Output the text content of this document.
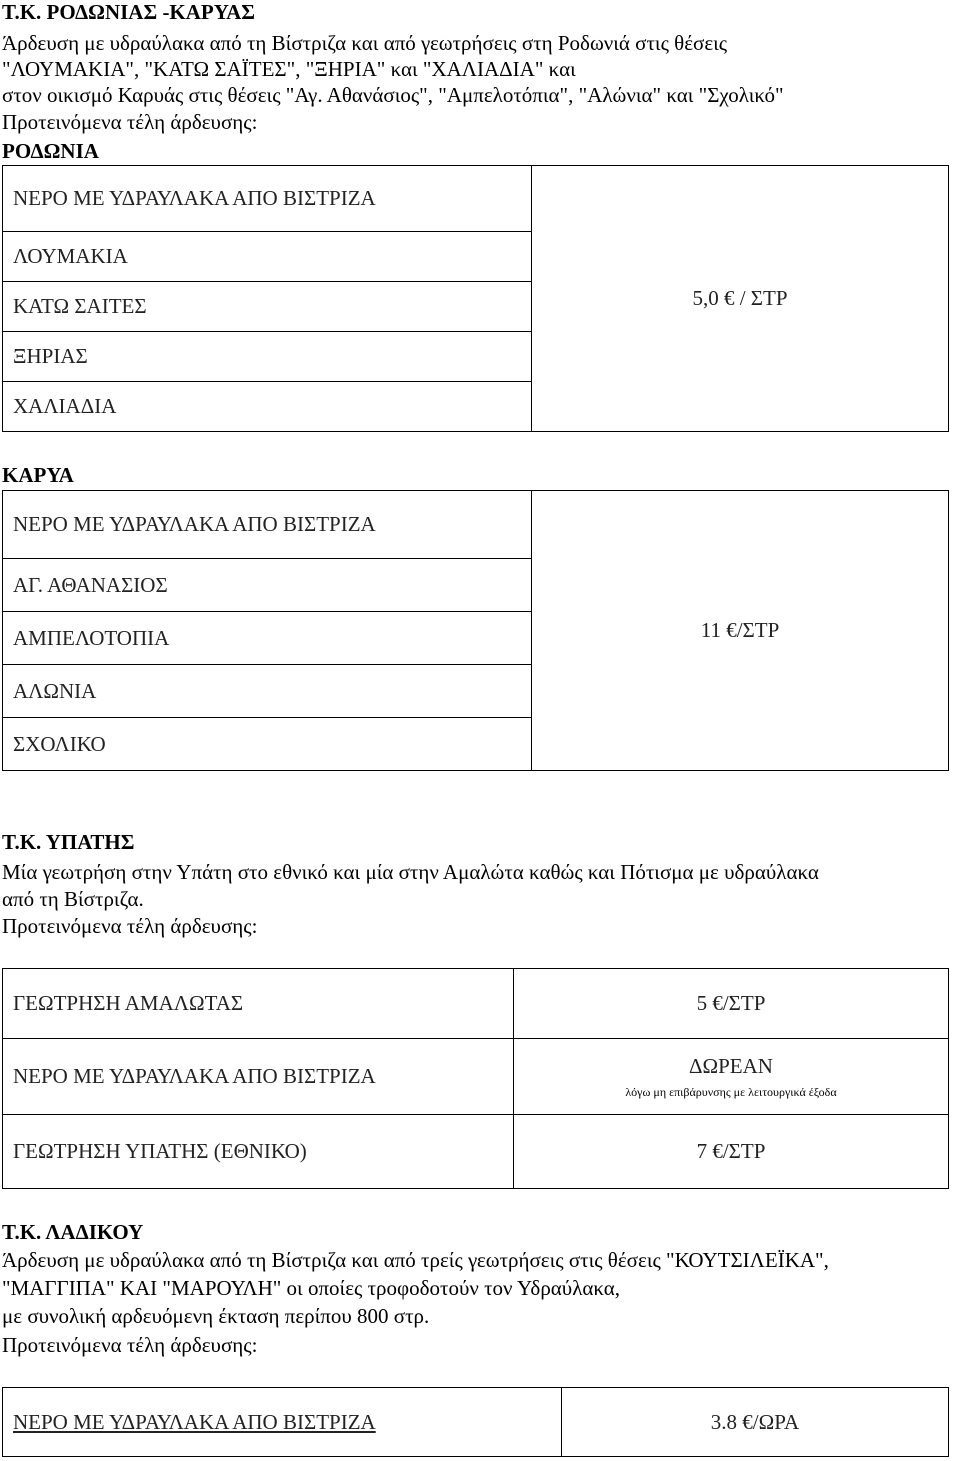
Τ.Κ. ΡΟΔΩΝΙΑΣ -ΚΑΡΥΑΣ
Άρδευση με υδραύλακα από τη Βίστριζα και από γεωτρήσεις στη Ροδωνιά στις θέσεις
"ΛΟΥΜΑΚΙΑ", "ΚΑΤΩ ΣΑΪΤΕΣ", "ΞΗΡΙΑ" και "ΧΑΛΙΑΔΙΑ" και
στον οικισμό Καρυάς στις θέσεις "Αγ. Αθανάσιος", "Αμπελοτόπια", "Αλώνια" και "Σχολικό"
Προτεινόμενα τέλη άρδευσης:
ΡΟΔΩΝΙΑ
ΝΕΡΟ ΜΕ ΥΔΡΑΥΛΑΚΑ ΑΠΟ ΒΙΣΤΡΙΖΑ	5,0 € / ΣΤΡ
ΛΟΥΜΑΚΙΑ
ΚΑΤΩ ΣΑΙΤΕΣ
ΞΗΡΙΑΣ
ΧΑΛΙΑΔΙΑ
ΚΑΡΥΑ
ΝΕΡΟ ΜΕ ΥΔΡΑΥΛΑΚΑ ΑΠΟ ΒΙΣΤΡΙΖΑ	11 €/ΣΤΡ
ΑΓ. ΑΘΑΝΑΣΙΟΣ
ΑΜΠΕΛΟΤΟΠΙΑ
ΑΛΩΝΙΑ
ΣΧΟΛΙΚΟ
Τ.Κ. ΥΠΑΤΗΣ
Μία γεωτρήση στην Υπάτη στο εθνικό και μία στην Αμαλώτα καθώς και Πότισμα με υδραύλακα
από τη Βίστριζα.
Προτεινόμενα τέλη άρδευσης:
ΓΕΩΤΡΗΣΗ ΑΜΑΛΩΤΑΣ	5 €/ΣΤΡ
ΝΕΡΟ ΜΕ ΥΔΡΑΥΛΑΚΑ ΑΠΟ ΒΙΣΤΡΙΖΑ	ΔΩΡΕΑΝ
λόγω μη επιβάρυνσης με λειτουργικά έξοδα

ΓΕΩΤΡΗΣΗ ΥΠΑΤΗΣ (ΕΘΝΙΚΟ)	7 €/ΣΤΡ
Τ.Κ. ΛΑΔΙΚΟΥ
Άρδευση με υδραύλακα από τη Βίστριζα και από τρείς γεωτρήσεις στις θέσεις "ΚΟΥΤΣΙΛΕΪΚΑ",
"ΜΑΓΓΙΠΑ" ΚΑΙ "ΜΑΡΟΥΛΗ" οι οποίες τροφοδοτούν τον Υδραύλακα,
με συνολική αρδευόμενη έκταση περίπου 800 στρ.
Προτεινόμενα τέλη άρδευσης:
ΝΕΡΟ ΜΕ ΥΔΡΑΥΛΑΚΑ ΑΠΟ ΒΙΣΤΡΙΖΑ	3.8 €/ΩΡΑ
